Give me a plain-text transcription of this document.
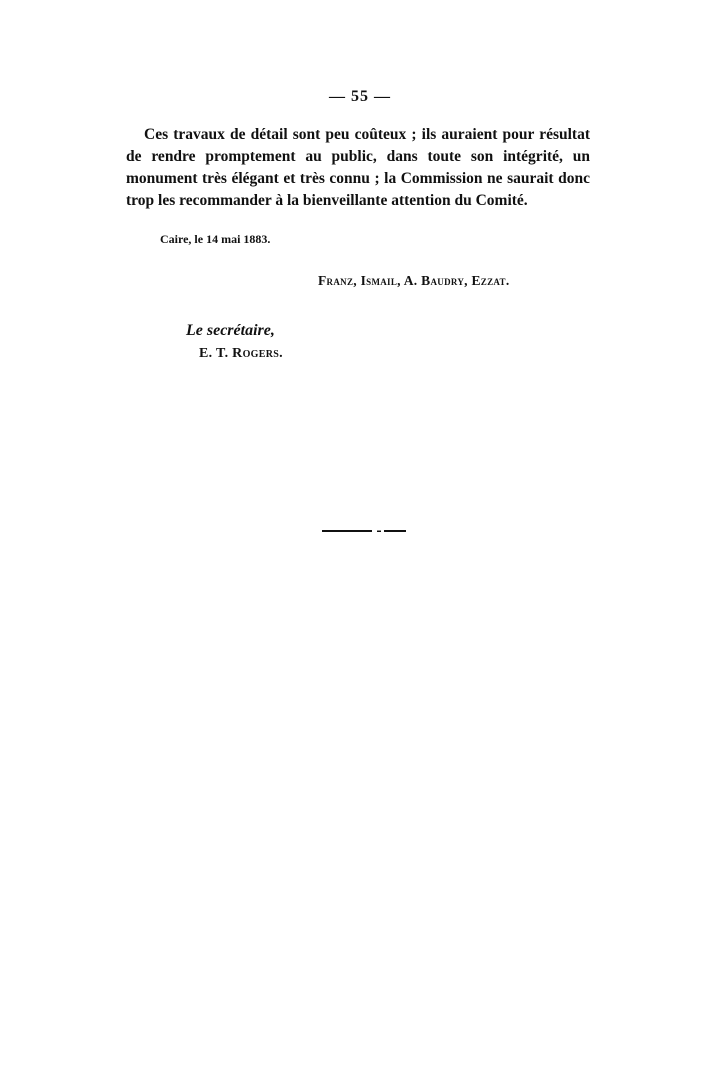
— 55 —

Ces travaux de détail sont peu coûteux ; ils auraient pour résultat de rendre promptement au public, dans toute son intégrité, un monument très élégant et très connu ; la Commission ne saurait donc trop les recommander à la bienveillante attention du Comité.

Caire, le 14 mai 1883.
Franz, Ismail, A. Baudry, Ezzat.
Le secrétaire,
E. T. Rogers.
